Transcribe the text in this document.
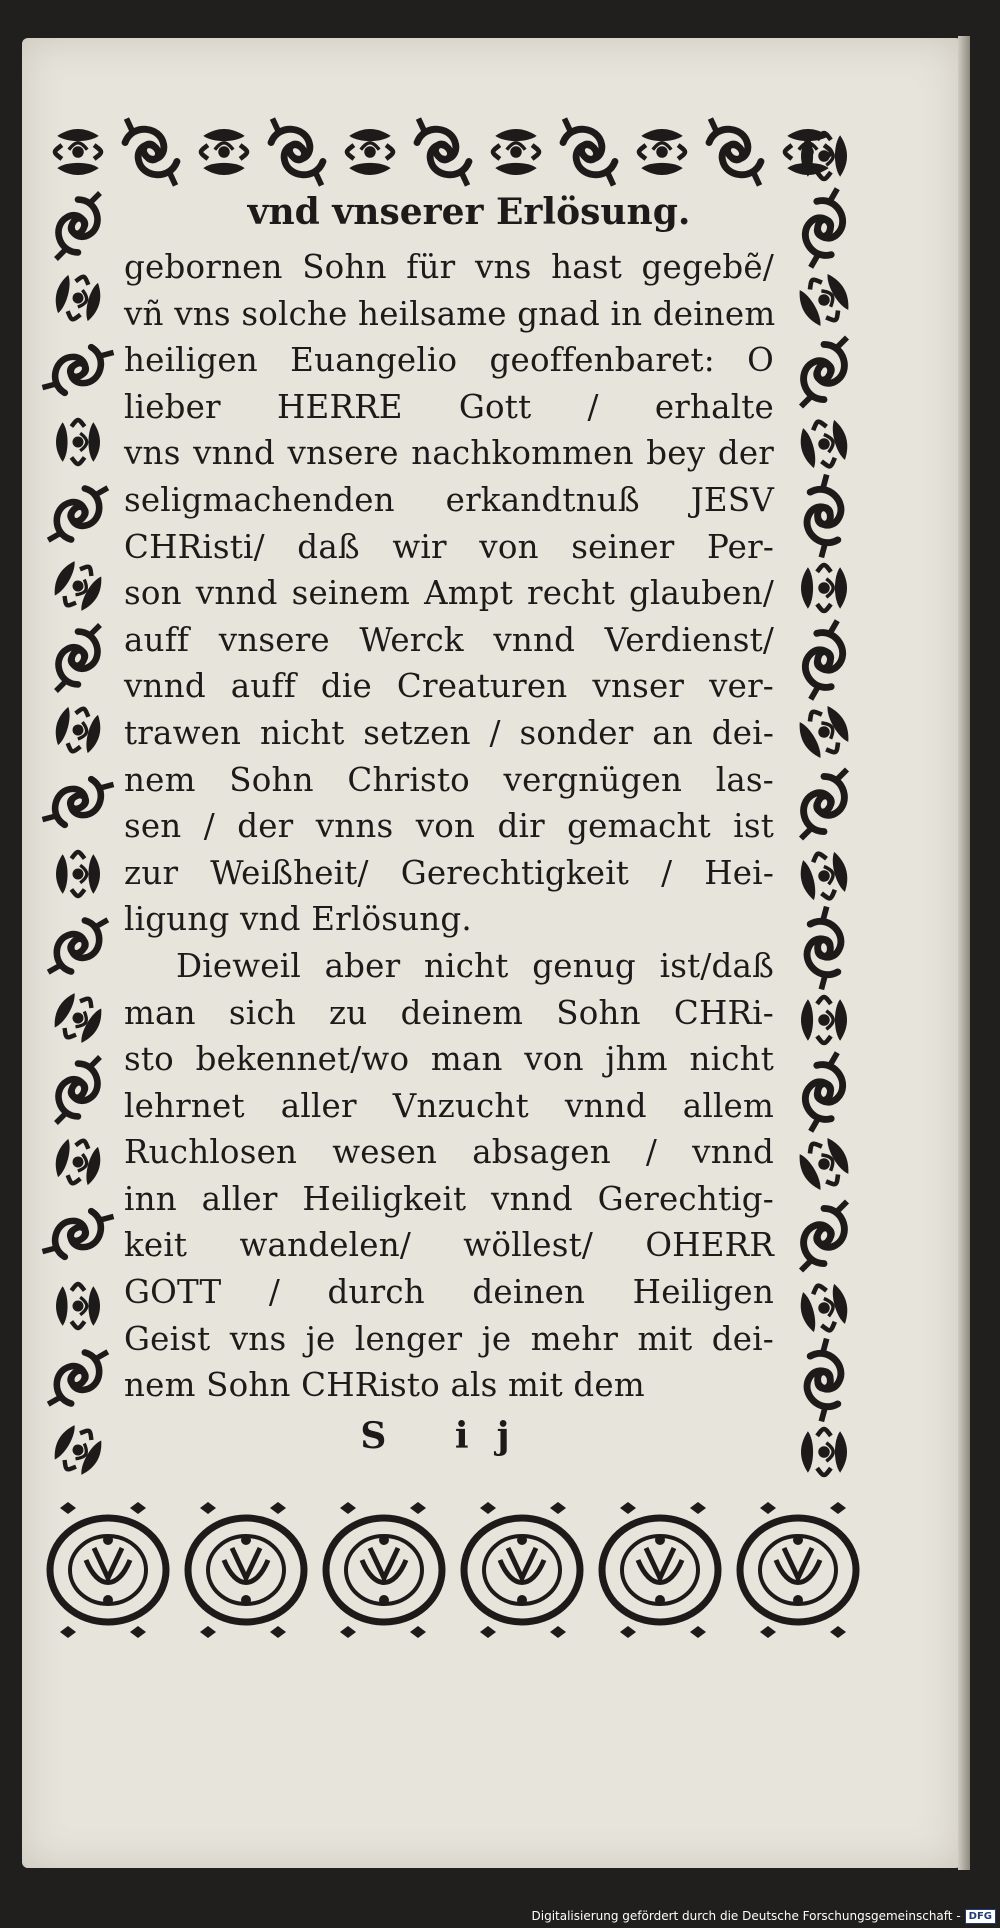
vnd vnserer Erlösung.
gebornen Sohn für vns hast gegebẽ/
vñ vns solche heilsame gnad in deinem
heiligen Euangelio geoffenbaret: O
lieber HERRE Gott / erhalte
vns vnnd vnsere nachkommen bey der
seligmachenden erkandtnuß JESV
CHRisti/ daß wir von seiner Per-
son vnnd seinem Ampt recht glauben/
auff vnsere Werck vnnd Verdienst/
vnnd auff die Creaturen vnser ver-
trawen nicht setzen / sonder an dei-
nem Sohn Christo vergnügen las-
sen / der vnns von dir gemacht ist
zur Weißheit/ Gerechtigkeit / Hei-
ligung vnd Erlösung.
Dieweil aber nicht genug ist/daß
man sich zu deinem Sohn CHRi-
sto bekennet/wo man von jhm nicht
lehrnet aller Vnzucht vnnd allem
Ruchlosen wesen absagen / vnnd
inn aller Heiligkeit vnnd Gerechtig-
keit wandelen/ wöllest/ OHERR
GOTT / durch deinen Heiligen
Geist vns je lenger je mehr mit dei-
nem Sohn CHRisto als mit dem
S ij
Digitalisierung gefördert durch die Deutsche Forschungsgemeinschaft - DFG
